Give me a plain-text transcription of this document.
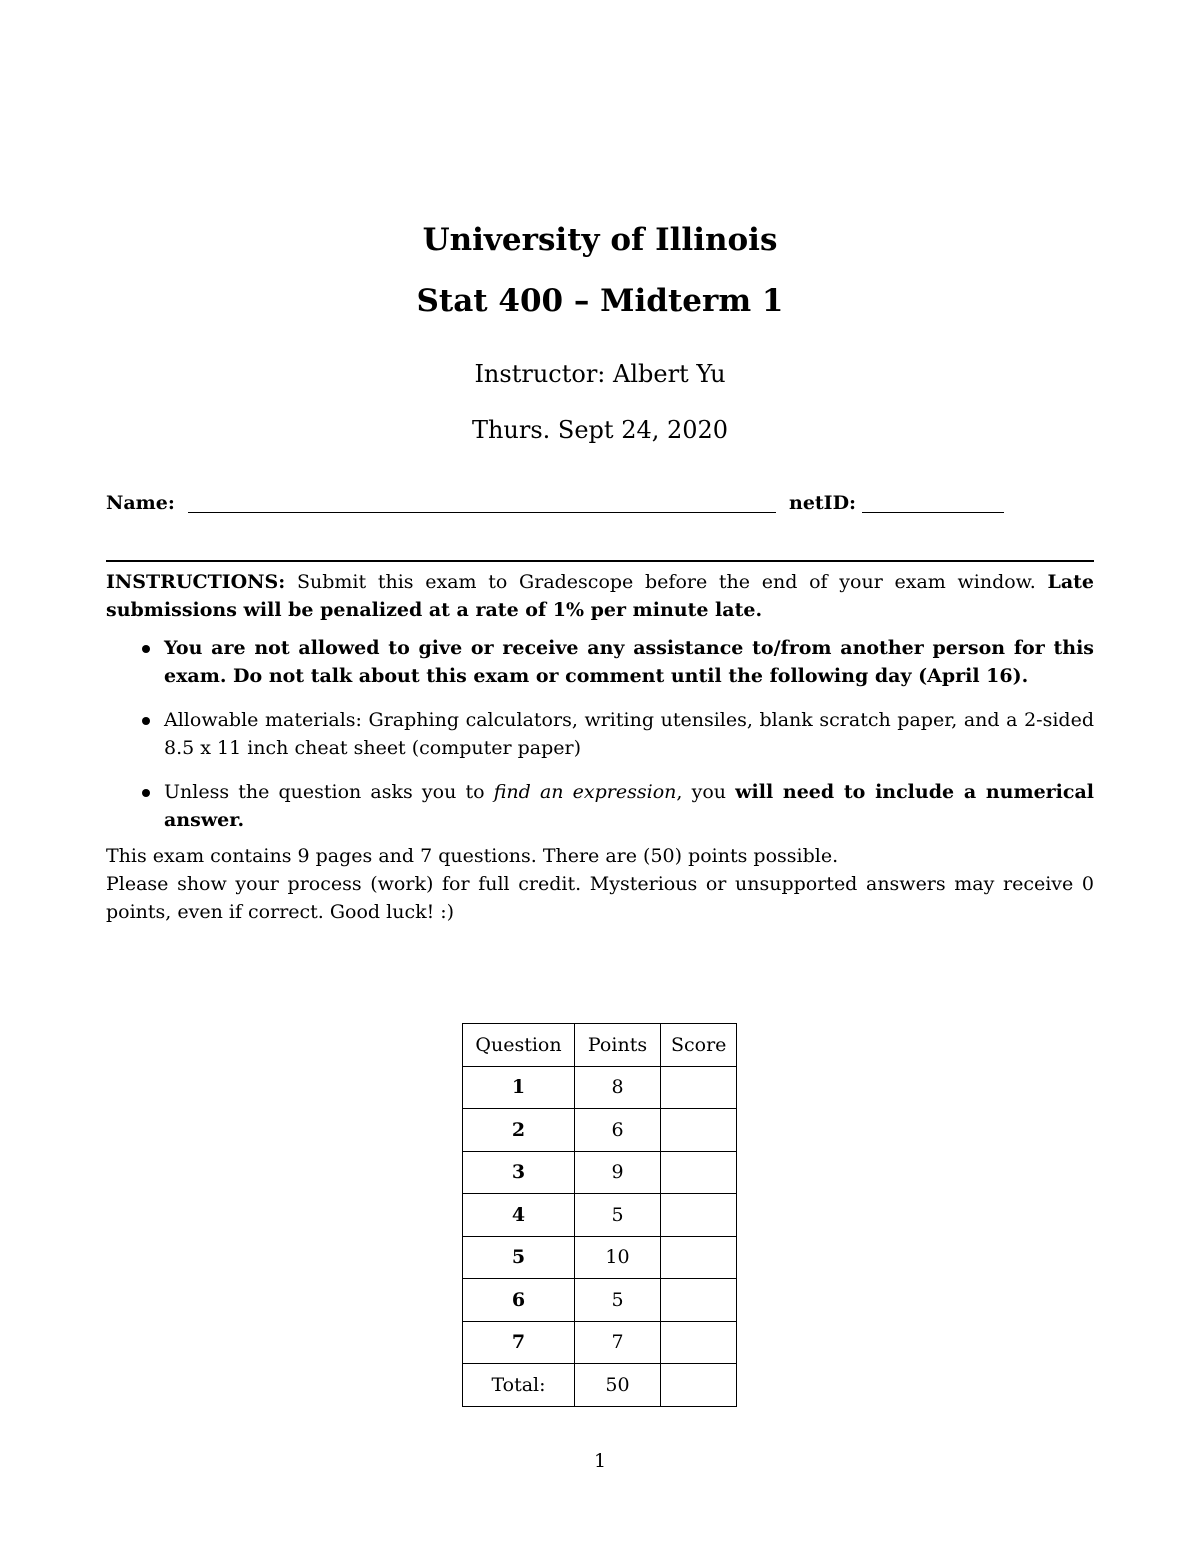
University of Illinois
Stat 400 – Midterm 1
Instructor: Albert Yu
Thurs. Sept 24, 2020
Name:	netID:

INSTRUCTIONS: Submit this exam to Gradescope before the end of your exam window. Late submissions will be penalized at a rate of 1% per minute late.

You are not allowed to give or receive any assistance to/from another person for this exam. Do not talk about this exam or comment until the following day (April 16).
Allowable materials: Graphing calculators, writing utensiles, blank scratch paper, and a 2-sided 8.5 x 11 inch cheat sheet (computer paper)
Unless the question asks you to find an expression, you will need to include a numerical answer.

This exam contains 9 pages and 7 questions. There are (50) points possible.

Please show your process (work) for full credit. Mysterious or unsupported answers may receive 0 points, even if correct. Good luck! :)

Question	Points	Score
1	8	
2	6	
3	9	
4	5	
5	10	
6	5	
7	7	
Total:	50	
1
